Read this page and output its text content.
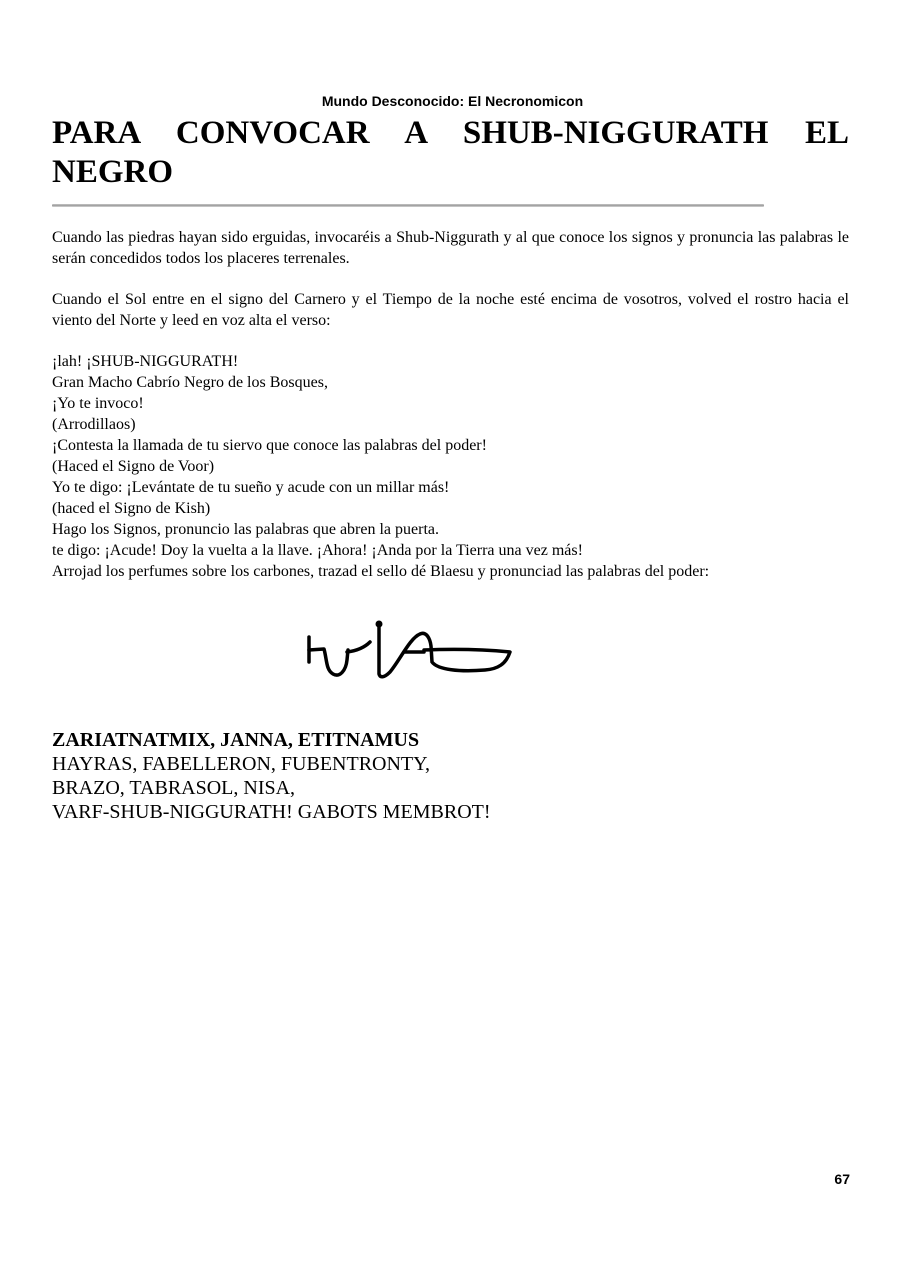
Mundo Desconocido: El Necronomicon
PARA CONVOCAR A SHUB-NIGGURATH EL
NEGRO

Cuando las piedras hayan sido erguidas, invocaréis a Shub-Niggurath y al que conoce los signos y pronuncia las palabras le serán concedidos todos los placeres terrenales.

Cuando el Sol entre en el signo del Carnero y el Tiempo de la noche esté encima de vosotros, volved el rostro hacia el viento del Norte y leed en voz alta el verso:

¡lah! ¡SHUB-NIGGURATH!
Gran Macho Cabrío Negro de los Bosques,
¡Yo te invoco!
(Arrodillaos)
¡Contesta la llamada de tu siervo que conoce las palabras del poder!
(Haced el Signo de Voor)
Yo te digo: ¡Levántate de tu sueño y acude con un millar más!
(haced el Signo de Kish)
Hago los Signos, pronuncio las palabras que abren la puerta.
te digo: ¡Acude! Doy la vuelta a la llave. ¡Ahora! ¡Anda por la Tierra una vez más!
Arrojad los perfumes sobre los carbones, trazad el sello dé Blaesu y pronunciad las palabras del poder:
ZARIATNATMIX, JANNA, ETITNAMUS
HAYRAS, FABELLERON, FUBENTRONTY,
BRAZO, TABRASOL, NISA,
VARF-SHUB-NIGGURATH! GABOTS MEMBROT!
67
